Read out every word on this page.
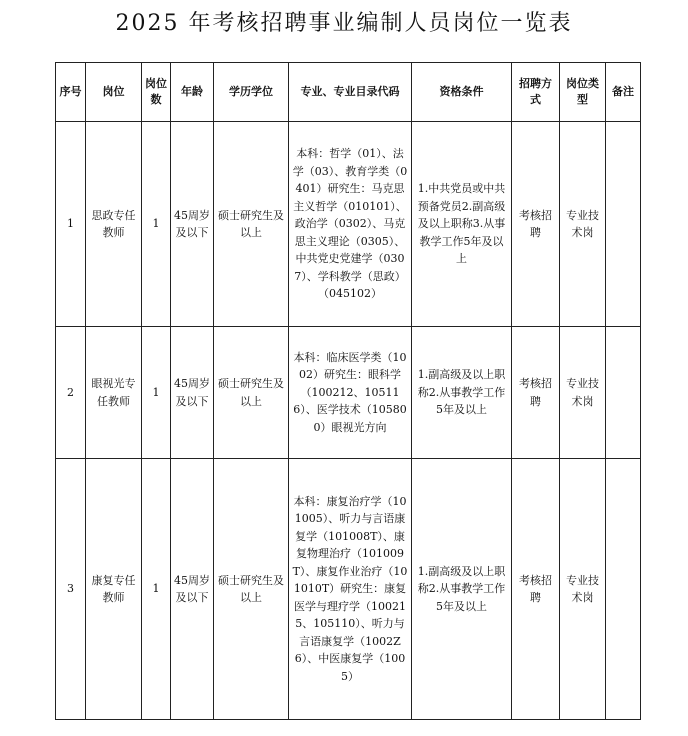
2025 年考核招聘事业编制人员岗位一览表
序号	岗位	岗位数	年龄	学历学位	专业、专业目录代码	资格条件	招聘方式	岗位类型	备注
1	思政专任教师	1	45周岁及以下	硕士研究生及以上	本科：哲学（01）、法学（03）、教育学类（0401）研究生：马克思主义哲学（010101）、政治学（0302）、马克思主义理论（0305）、中共党史党建学（0307）、学科教学（思政）（045102）	1.中共党员或中共预备党员2.副高级及以上职称3.从事教学工作5年及以上	考核招聘	专业技术岗	
2	眼视光专任教师	1	45周岁及以下	硕士研究生及以上	本科：临床医学类（1002）研究生：眼科学（100212、105116）、医学技术（105800）眼视光方向	1.副高级及以上职称2.从事教学工作5年及以上	考核招聘	专业技术岗	
3	康复专任教师	1	45周岁及以下	硕士研究生及以上	本科：康复治疗学（101005）、听力与言语康复学（101008T）、康复物理治疗（101009T）、康复作业治疗（101010T）研究生：康复医学与理疗学（100215、105110）、听力与言语康复学（1002Z6）、中医康复学（1005）	1.副高级及以上职称2.从事教学工作5年及以上	考核招聘	专业技术岗	
